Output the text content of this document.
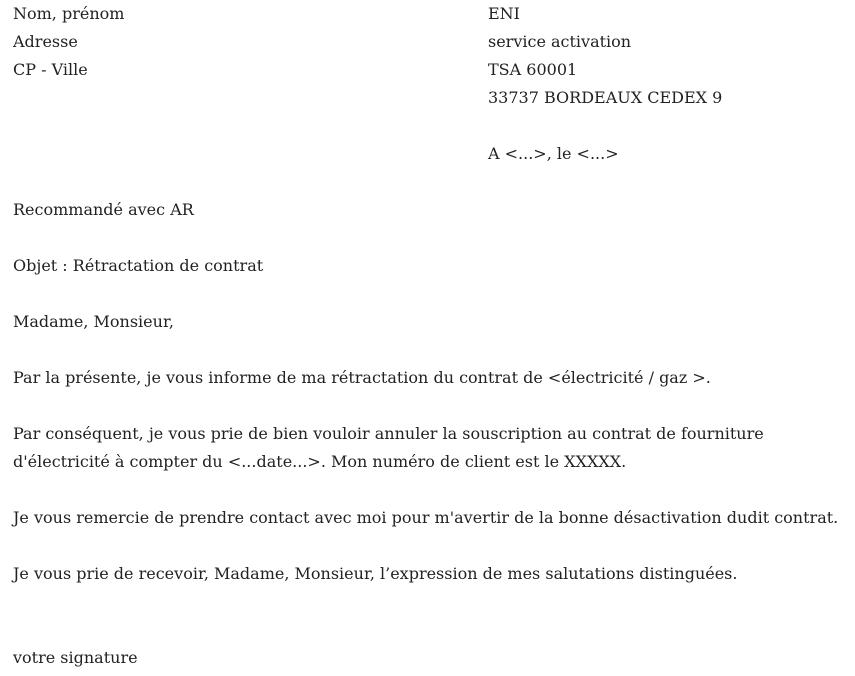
Nom, prénom
Adresse
CP - Ville
ENI
service activation
TSA 60001
33737 BORDEAUX CEDEX 9
A <...>, le <...>
Recommandé avec AR
Objet : Rétractation de contrat
Madame, Monsieur,
Par la présente, je vous informe de ma rétractation du contrat de <électricité / gaz >.
Par conséquent, je vous prie de bien vouloir annuler la souscription au contrat de fourniture d'électricité à compter du <...date...>. Mon numéro de client est le XXXXX.
Je vous remercie de prendre contact avec moi pour m'avertir de la bonne désactivation dudit contrat.
Je vous prie de recevoir, Madame, Monsieur, l’expression de mes salutations distinguées.
votre signature
